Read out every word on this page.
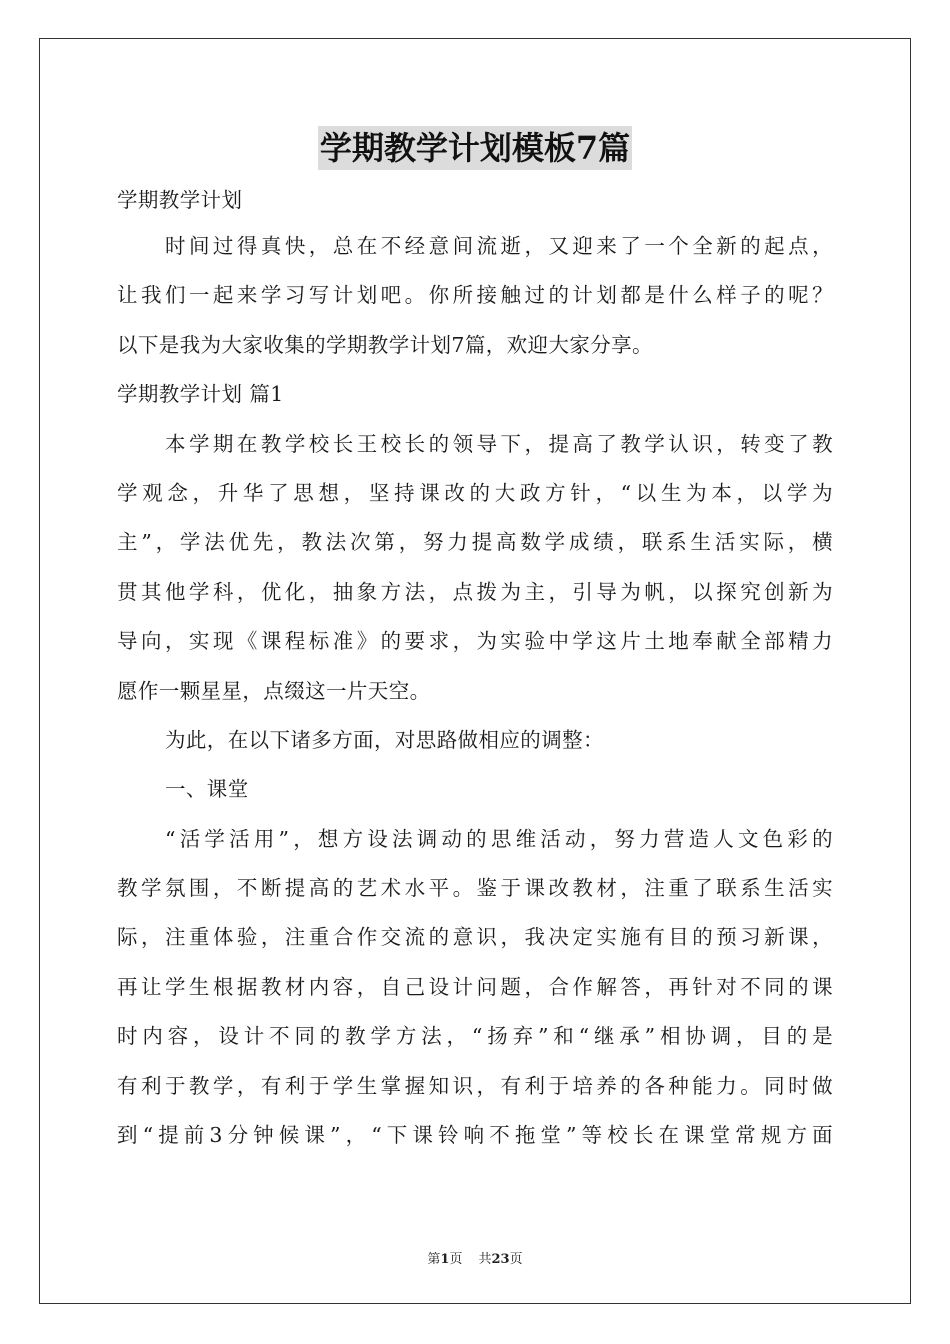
学期教学计划模板7篇
学期教学计划
时间过得真快，总在不经意间流逝，又迎来了一个全新的起点，
让我们一起来学习写计划吧。你所接触过的计划都是什么样子的呢？
以下是我为大家收集的学期教学计划7篇，欢迎大家分享。
学期教学计划 篇1
本学期在教学校长王校长的领导下，提高了教学认识，转变了教
学观念，升华了思想，坚持课改的大政方针，“以生为本，以学为
主”，学法优先，教法次第，努力提高数学成绩，联系生活实际，横
贯其他学科，优化，抽象方法，点拨为主，引导为帆，以探究创新为
导向，实现《课程标准》的要求，为实验中学这片土地奉献全部精力
愿作一颗星星，点缀这一片天空。
为此，在以下诸多方面，对思路做相应的调整：
一、课堂
“活学活用”，想方设法调动的思维活动，努力营造人文色彩的
教学氛围，不断提高的艺术水平。鉴于课改教材，注重了联系生活实
际，注重体验，注重合作交流的意识，我决定实施有目的预习新课，
再让学生根据教材内容，自己设计问题，合作解答，再针对不同的课
时内容，设计不同的教学方法，“扬弃”和“继承”相协调，目的是
有利于教学，有利于学生掌握知识，有利于培养的各种能力。同时做
到“提前3分钟候课”，“下课铃响不拖堂”等校长在课堂常规方面
第1页 共23页
